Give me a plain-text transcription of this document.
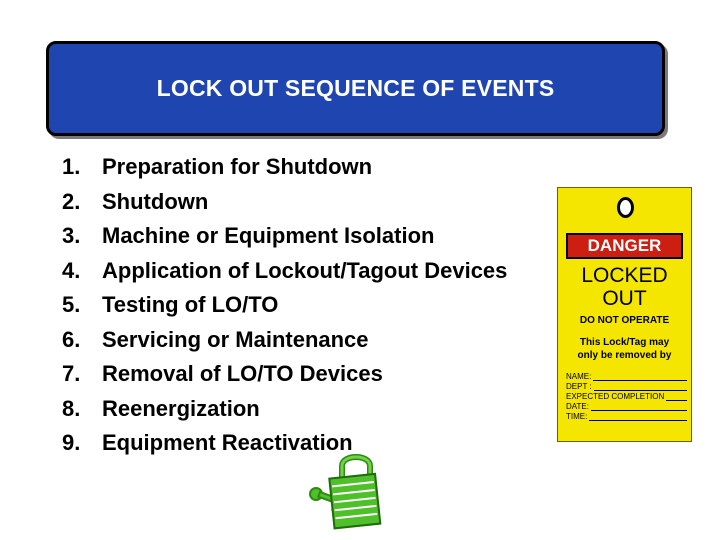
LOCK OUT SEQUENCE OF EVENTS
1. Preparation for Shutdown
2. Shutdown
3. Machine or Equipment Isolation
4. Application of Lockout/Tagout Devices
5. Testing of LO/TO
6. Servicing or Maintenance
7. Removal of LO/TO Devices
8. Reenergization
9. Equipment Reactivation
DANGER
LOCKED
OUT
DO NOT OPERATE
This Lock/Tag may
only be removed by
NAME:
DEPT :
EXPECTED COMPLETION
DATE:
TIME:
